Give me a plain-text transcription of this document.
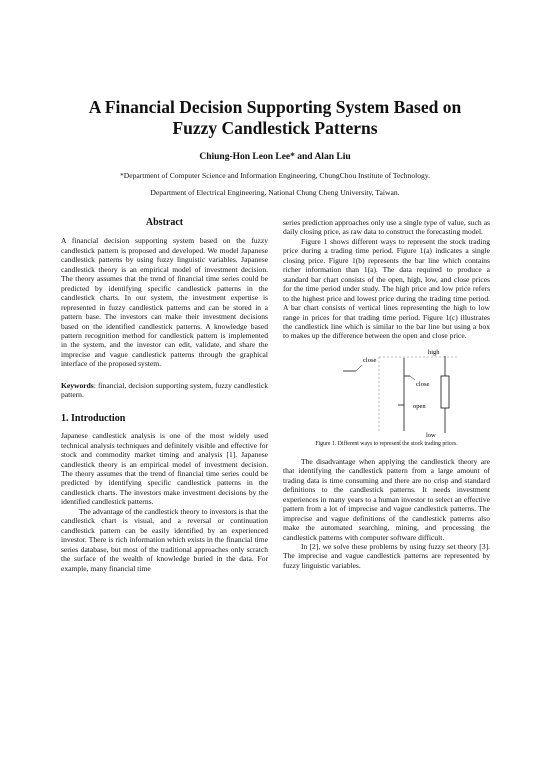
A Financial Decision Supporting System Based on
Fuzzy Candlestick Patterns
Chiung-Hon Leon Lee* and Alan Liu
*Department of Computer Science and Information Engineering, ChungChou Institute of Technology.
Department of Electrical Engineering, National Chung Cheng University, Taiwan.
Abstract

A financial decision supporting system based on the fuzzy candlestick pattern is proposed and developed. We model Japanese candlestick patterns by using fuzzy linguistic variables. Japanese candlestick theory is an empirical model of investment decision. The theory assumes that the trend of financial time series could be predicted by identifying specific candlestick patterns in the candlestick charts. In our system, the investment expertise is represented in fuzzy candlestick patterns and can be stored in a pattern base. The investors can make their investment decisions based on the identified candlestick patterns. A knowledge based pattern recognition method for candlestick pattern is implemented in the system, and the investor can edit, validate, and share the imprecise and vague candlestick patterns through the graphical interface of the proposed system.

Keywords: financial, decision supporting system, fuzzy candlestick pattern.

1. Introduction

Japanese candlestick analysis is one of the most widely used technical analysis techniques and definitely visible and effective for stock and commodity market timing and analysis [1]. Japanese candlestick theory is an empirical model of investment decision. The theory assumes that the trend of financial time series could be predicted by identifying specific candlestick patterns in the candlestick charts. The investors make investment decisions by the identified candlestick patterns.

The advantage of the candlestick theory to investors is that the candlestick chart is visual, and a reversal or continuation candlestick pattern can be easily identified by an experienced investor. There is rich information which exists in the financial time series database, but most of the traditional approaches only scratch the surface of the wealth of knowledge buried in the data. For example, many financial time

series prediction approaches only use a single type of value, such as daily closing price, as raw data to construct the forecasting model.

Figure 1 shows different ways to represent the stock trading price during a trading time period. Figure 1(a) indicates a single closing price. Figure 1(b) represents the bar line which contains richer information than 1(a). The data required to produce a standard bar chart consists of the open, high, low, and close prices for the time period under study. The high price and low price refers to the highest price and lowest price during the trading time period. A bar chart consists of vertical lines representing the high to low range in prices for that trading time period. Figure 1(c) illustrates the candlestick line which is similar to the bar line but using a box to makes up the difference between the open and close price.

close
close
open
high
low

Figure 1. Different ways to represent the stock trading prices.

The disadvantage when applying the candlestick theory are that identifying the candlestick pattern from a large amount of trading data is time consuming and there are no crisp and standard definitions to the candlestick patterns. It needs investment experiences in many years to a human investor to select an effective pattern from a lot of imprecise and vague candlestick patterns. The imprecise and vague definitions of the candlestick patterns also make the automated searching, mining, and processing the candlestick patterns with computer software difficult.

In [2], we solve these problems by using fuzzy set theory [3]. The imprecise and vague candlestick patterns are represented by fuzzy linguistic variables.
